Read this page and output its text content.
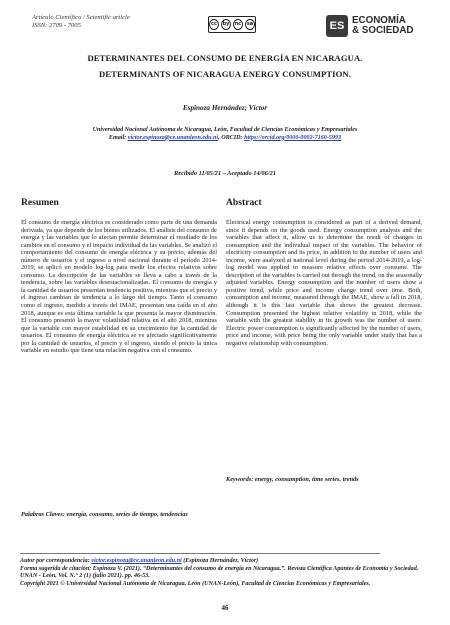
Artículo Científico / Scientific article
ISSN: 2709 - 7005	cc	by	nc	sa	ES ECONOMÍA
& SOCIEDAD
DETERMINANTES DEL CONSUMO DE ENERGÍA EN NICARAGUA.
DETERMINANTS OF NICARAGUA ENERGY CONSUMPTION.
Espinoza Hernández; Víctor
Universidad Nacional Autónoma de Nicaragua, León, Facultad de Ciencias Económicas y Empresariales
Email: victor.espinoza@ce.unanleon.edu.ni, ORCID: https://orcid.org/0000-0002-7160-5993
Recibido 11/05/21 – Aceptado 14/06/21
Resumen
El consumo de energía eléctrica es considerado como parte de una demanda derivada, ya que depende de los bienes utilizados. El análisis del consumo de energía y las variables que lo afectan permite determinar el resultado de los cambios en el consumo y el impacto individual de las variables. Se analizó el comportamiento del consumo de energía eléctrica y su precio, además del número de usuarios y el ingreso a nivel nacional durante el período 2014-2019, se aplicó un modelo log-log para medir los efectos relativos sobre consumo. La descripción de las variables se lleva a cabo a través de la tendencia, sobre las variables desestacionalizadas. El consumo de energía y la cantidad de usuarios presentan tendencia positiva, mientras que el precio y el ingreso cambian de tendencia a lo largo del tiempo. Tanto el consumo como el ingreso, medido a través del IMAE, presentan una caída en el año 2018, aunque es esta última variable la que presenta la mayor disminución. El consumo presentó la mayor volatilidad relativa en el año 2018, mientras que la variable con mayor estabilidad en su crecimiento fue la cantidad de usuarios. El consumo de energía eléctrica se ve afectado significativamente por la cantidad de usuarios, el precio y el ingreso, siendo el precio la única variable en estudio que tiene una relación negativa con el consumo.
Palabras Claves: energía, consumo, series de tiempo, tendencias
Abstract
Electrical energy consumption is considered as part of a derived demand, since it depends on the goods used. Energy consumption analysis and the variables that affect it, allow us to determine the result of changes in consumption and the individual impact of the variables. The behavior of electricity consumption and its price, in addition to the number of users and income, were analyzed at national level during the period 2014-2019, a log-log model was applied to measure relative effects over consume. The description of the variables is carried out through the trend, on the seasonally adjusted variables. Energy consumption and the number of users show a positive trend, while price and income change trend over time. Both, consumption and income, measured through the IMAE, show a fall in 2018, although it is this last variable that shows the greatest decrease. Consumption presented the highest relative volatility in 2018, while the variable with the greatest stability in its growth was the number of users. Electric power consumption is significantly affected by the number of users, price and income, with price being the only variable under study that has a negative relationship with consumption.
Keywords: energy, consumption, time series, trends
Autor por correspondencia: victor.espinoza@ce.unanleon.edu.ni (Espinoza Hernández, Víctor)
Forma sugerida de citación: Espinoza V. (2021). “Determinantes del consumo de energía en Nicaragua.”. Revista Científica Apuntes de Economía y Sociedad, UNAN - León, Vol. N.° 2 (1) (julio 2021). pp. 46-53.
Copyright 2021 © Universidad Nacional Autónoma de Nicaragua, León (UNAN-León), Facultad de Ciencias Económicas y Empresariales.
46
